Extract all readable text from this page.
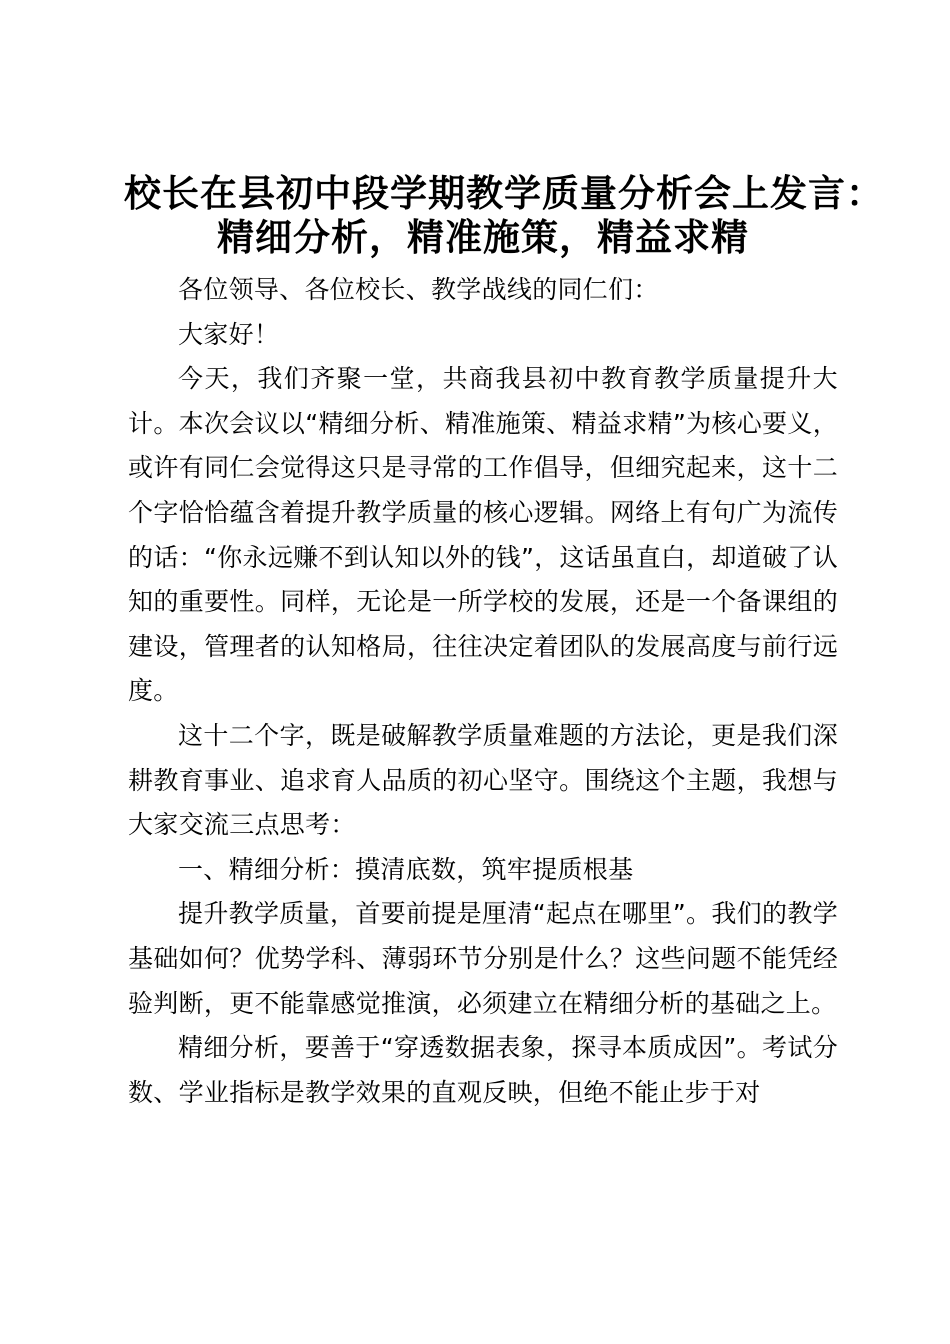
校长在县初中段学期教学质量分析会上发言：
精细分析，精准施策，精益求精

各位领导、各位校长、教学战线的同仁们：

大家好！

今天，我们齐聚一堂，共商我县初中教育教学质量提升大计。本次会议以“精细分析、精准施策、精益求精”为核心要义，或许有同仁会觉得这只是寻常的工作倡导，但细究起来，这十二个字恰恰蕴含着提升教学质量的核心逻辑。网络上有句广为流传的话：“你永远赚不到认知以外的钱”，这话虽直白，却道破了认知的重要性。同样，无论是一所学校的发展，还是一个备课组的建设，管理者的认知格局，往往决定着团队的发展高度与前行远度。

这十二个字，既是破解教学质量难题的方法论，更是我们深耕教育事业、追求育人品质的初心坚守。围绕这个主题，我想与大家交流三点思考：

一、精细分析：摸清底数，筑牢提质根基

提升教学质量，首要前提是厘清“起点在哪里”。我们的教学基础如何？优势学科、薄弱环节分别是什么？这些问题不能凭经验判断，更不能靠感觉推演，必须建立在精细分析的基础之上。

精细分析，要善于“穿透数据表象，探寻本质成因”。考试分数、学业指标是教学效果的直观反映，但绝不能止步于对
